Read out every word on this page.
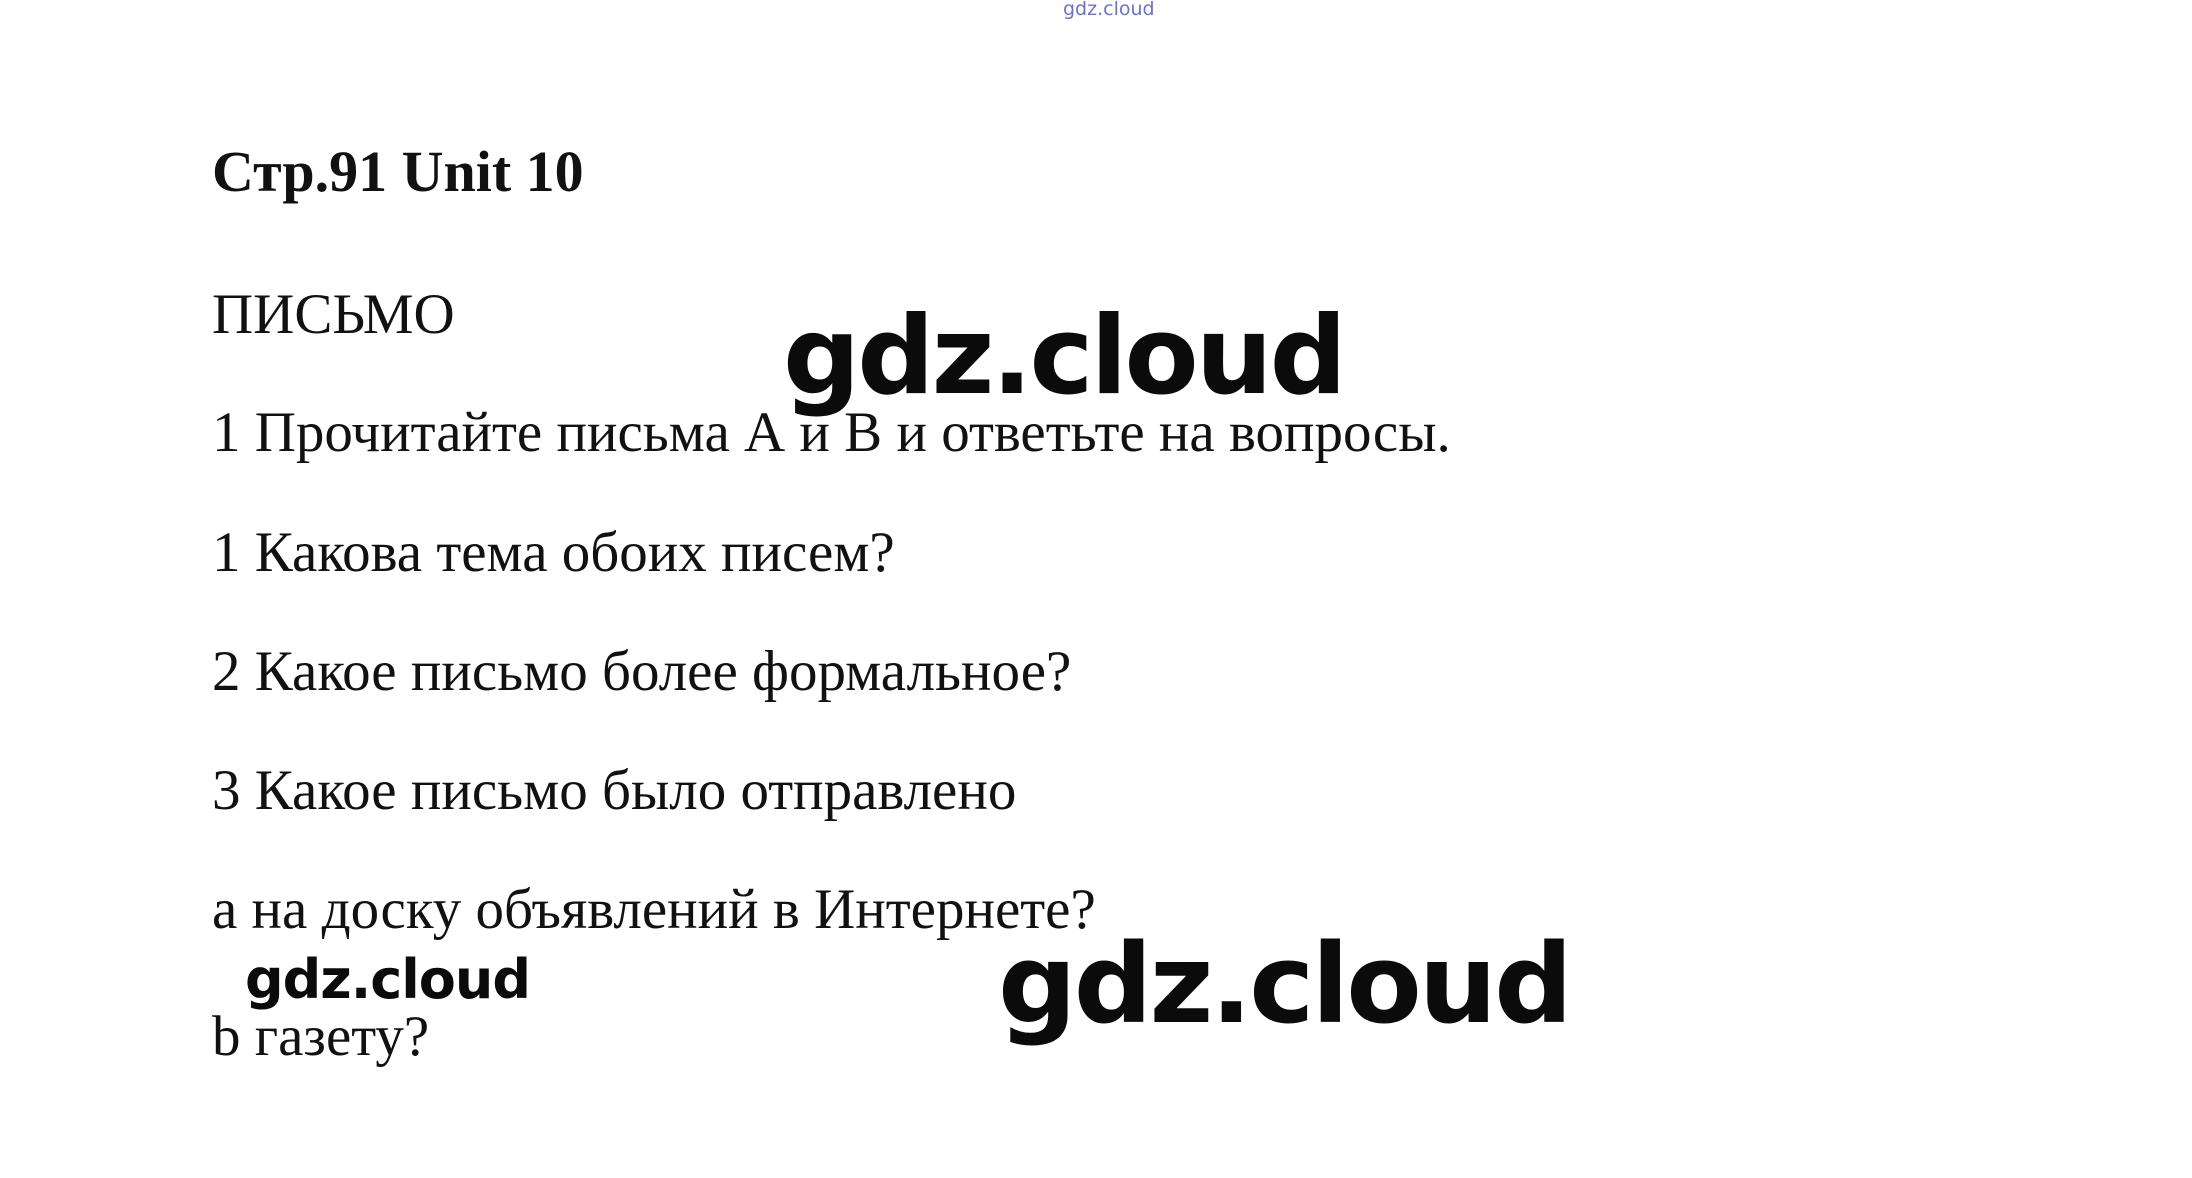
gdz.cloud
Стр.91 Unit 10
ПИСЬМО
1 Прочитайте письма А и В и ответьте на вопросы.
1 Какова тема обоих писем?
2 Какое письмо более формальное?
3 Какое письмо было отправлено
a на доску объявлений в Интернете?
b газету?
gdz.cloud
gdz.cloud
gdz.cloud
